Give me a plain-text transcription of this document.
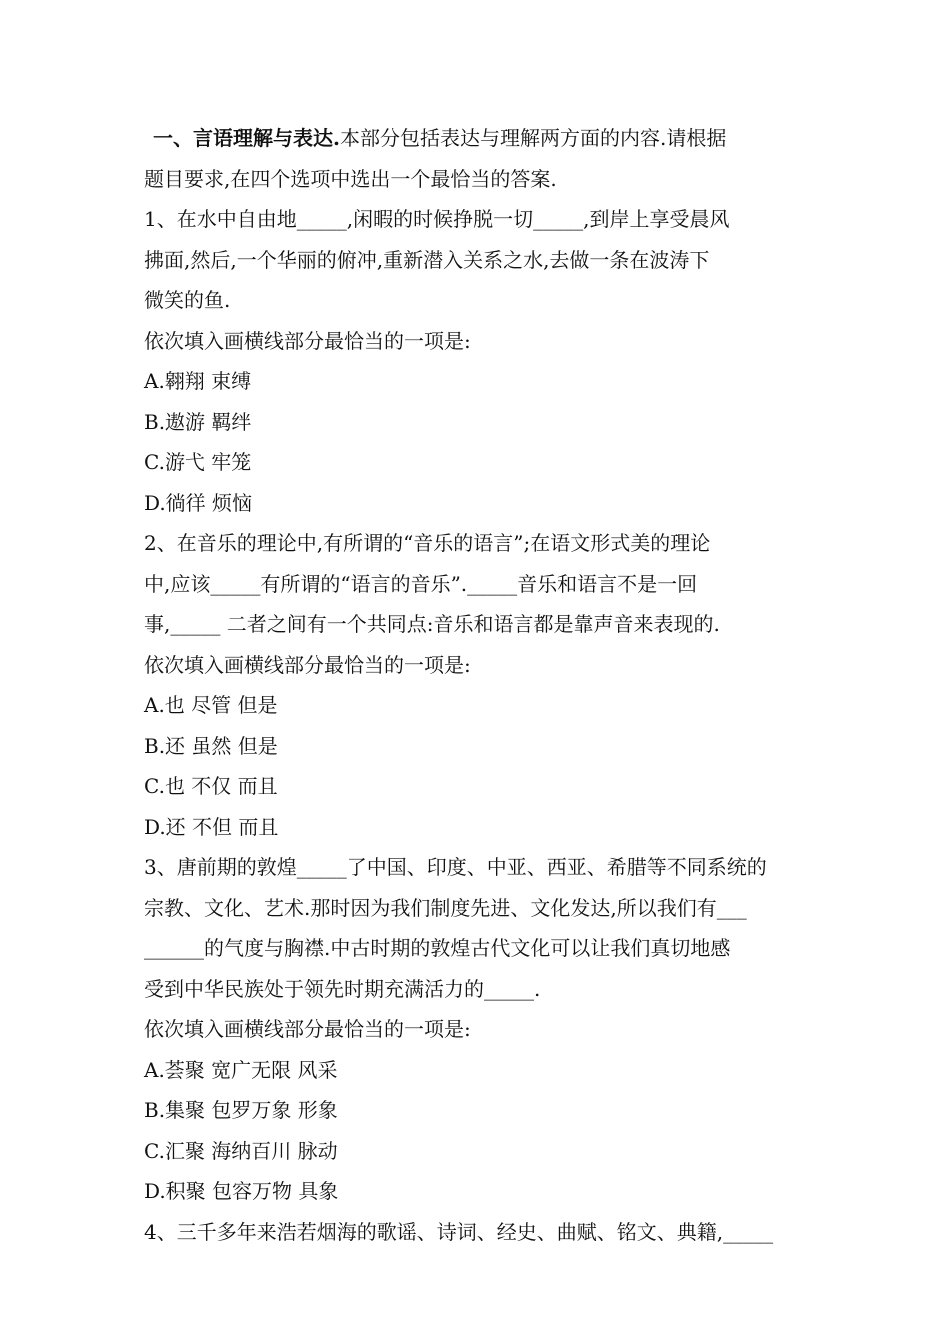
一、言语理解与表达.本部分包括表达与理解两方面的内容.请根据
题目要求,在四个选项中选出一个最恰当的答案.
1、在水中自由地_____,闲暇的时候挣脱一切_____,到岸上享受晨风
拂面,然后,一个华丽的俯冲,重新潜入关系之水,去做一条在波涛下
微笑的鱼.
依次填入画横线部分最恰当的一项是:
A.翱翔 束缚
B.遨游 羁绊
C.游弋 牢笼
D.徜徉 烦恼
2、在音乐的理论中,有所谓的“音乐的语言”;在语文形式美的理论
中,应该_____有所谓的“语言的音乐”._____音乐和语言不是一回
事,_____ 二者之间有一个共同点:音乐和语言都是靠声音来表现的.
依次填入画横线部分最恰当的一项是:
A.也 尽管 但是
B.还 虽然 但是
C.也 不仅 而且
D.还 不但 而且
3、唐前期的敦煌_____了中国、印度、中亚、西亚、希腊等不同系统的
宗教、文化、艺术.那时因为我们制度先进、文化发达,所以我们有___
______的气度与胸襟.中古时期的敦煌古代文化可以让我们真切地感
受到中华民族处于领先时期充满活力的_____.
依次填入画横线部分最恰当的一项是:
A.荟聚 宽广无限 风采
B.集聚 包罗万象 形象
C.汇聚 海纳百川 脉动
D.积聚 包容万物 具象
4、三千多年来浩若烟海的歌谣、诗词、经史、曲赋、铭文、典籍,_____
